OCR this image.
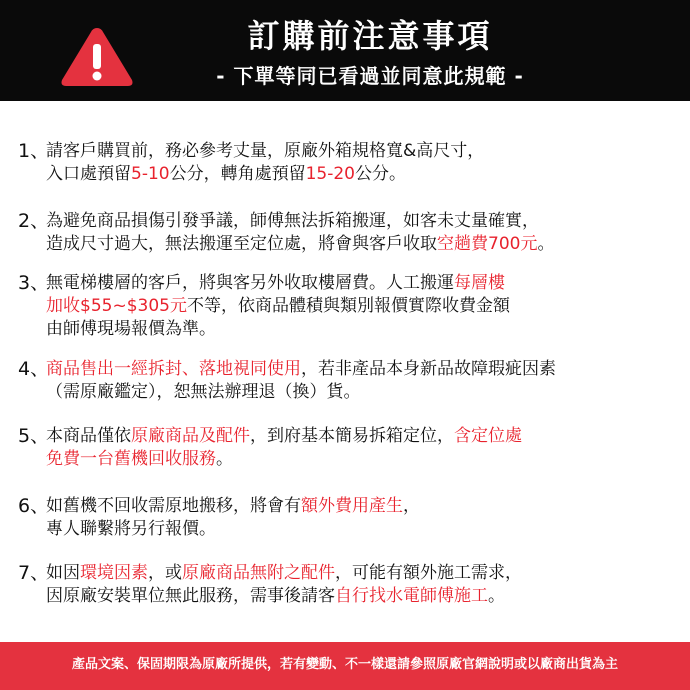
訂購前注意事項
- 下單等同已看過並同意此規範 -
1、
請客戶購買前，務必參考丈量，原廠外箱規格寬&高尺寸，
入口處預留5-10公分，轉角處預留15-20公分。
2、
為避免商品損傷引發爭議，師傅無法拆箱搬運，如客未丈量確實，
造成尺寸過大，無法搬運至定位處，將會與客戶收取空趟費700元。
3、
無電梯樓層的客戶，將與客另外收取樓層費。人工搬運每層樓
加收$55~$305元不等，依商品體積與類別報價實際收費金額
由師傅現場報價為準。
4、
商品售出一經拆封、落地視同使用，若非產品本身新品故障瑕疵因素
（需原廠鑑定），恕無法辦理退（換）貨。
5、
本商品僅依原廠商品及配件，到府基本簡易拆箱定位，含定位處
免費一台舊機回收服務。
6、
如舊機不回收需原地搬移，將會有額外費用產生，
專人聯繫將另行報價。
7、
如因環境因素，或原廠商品無附之配件，可能有額外施工需求，
因原廠安裝單位無此服務，需事後請客自行找水電師傅施工。
產品文案、保固期限為原廠所提供，若有變動、不一樣還請參照原廠官網說明或以廠商出貨為主
